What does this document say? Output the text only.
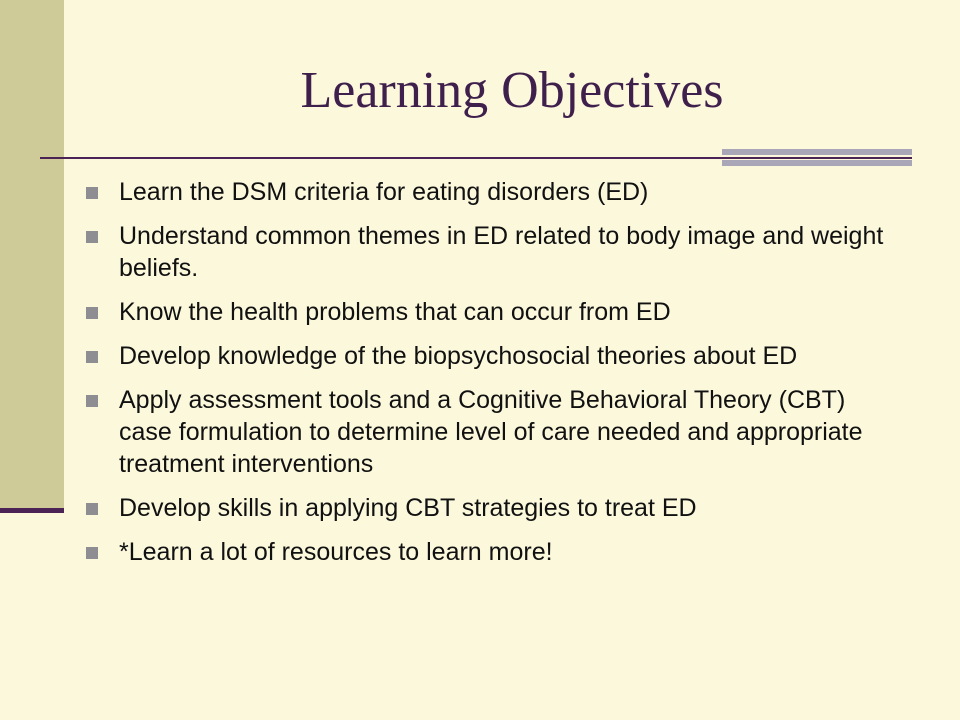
Learning Objectives
Learn the DSM criteria for eating disorders (ED)
Understand common themes in ED related to body image and weight beliefs.
Know the health problems that can occur from ED
Develop knowledge of the biopsychosocial theories about ED
Apply assessment tools and a Cognitive Behavioral Theory (CBT) case formulation to determine level of care needed and appropriate treatment interventions
Develop skills in applying CBT strategies to treat ED
*Learn a lot of resources to learn more!
